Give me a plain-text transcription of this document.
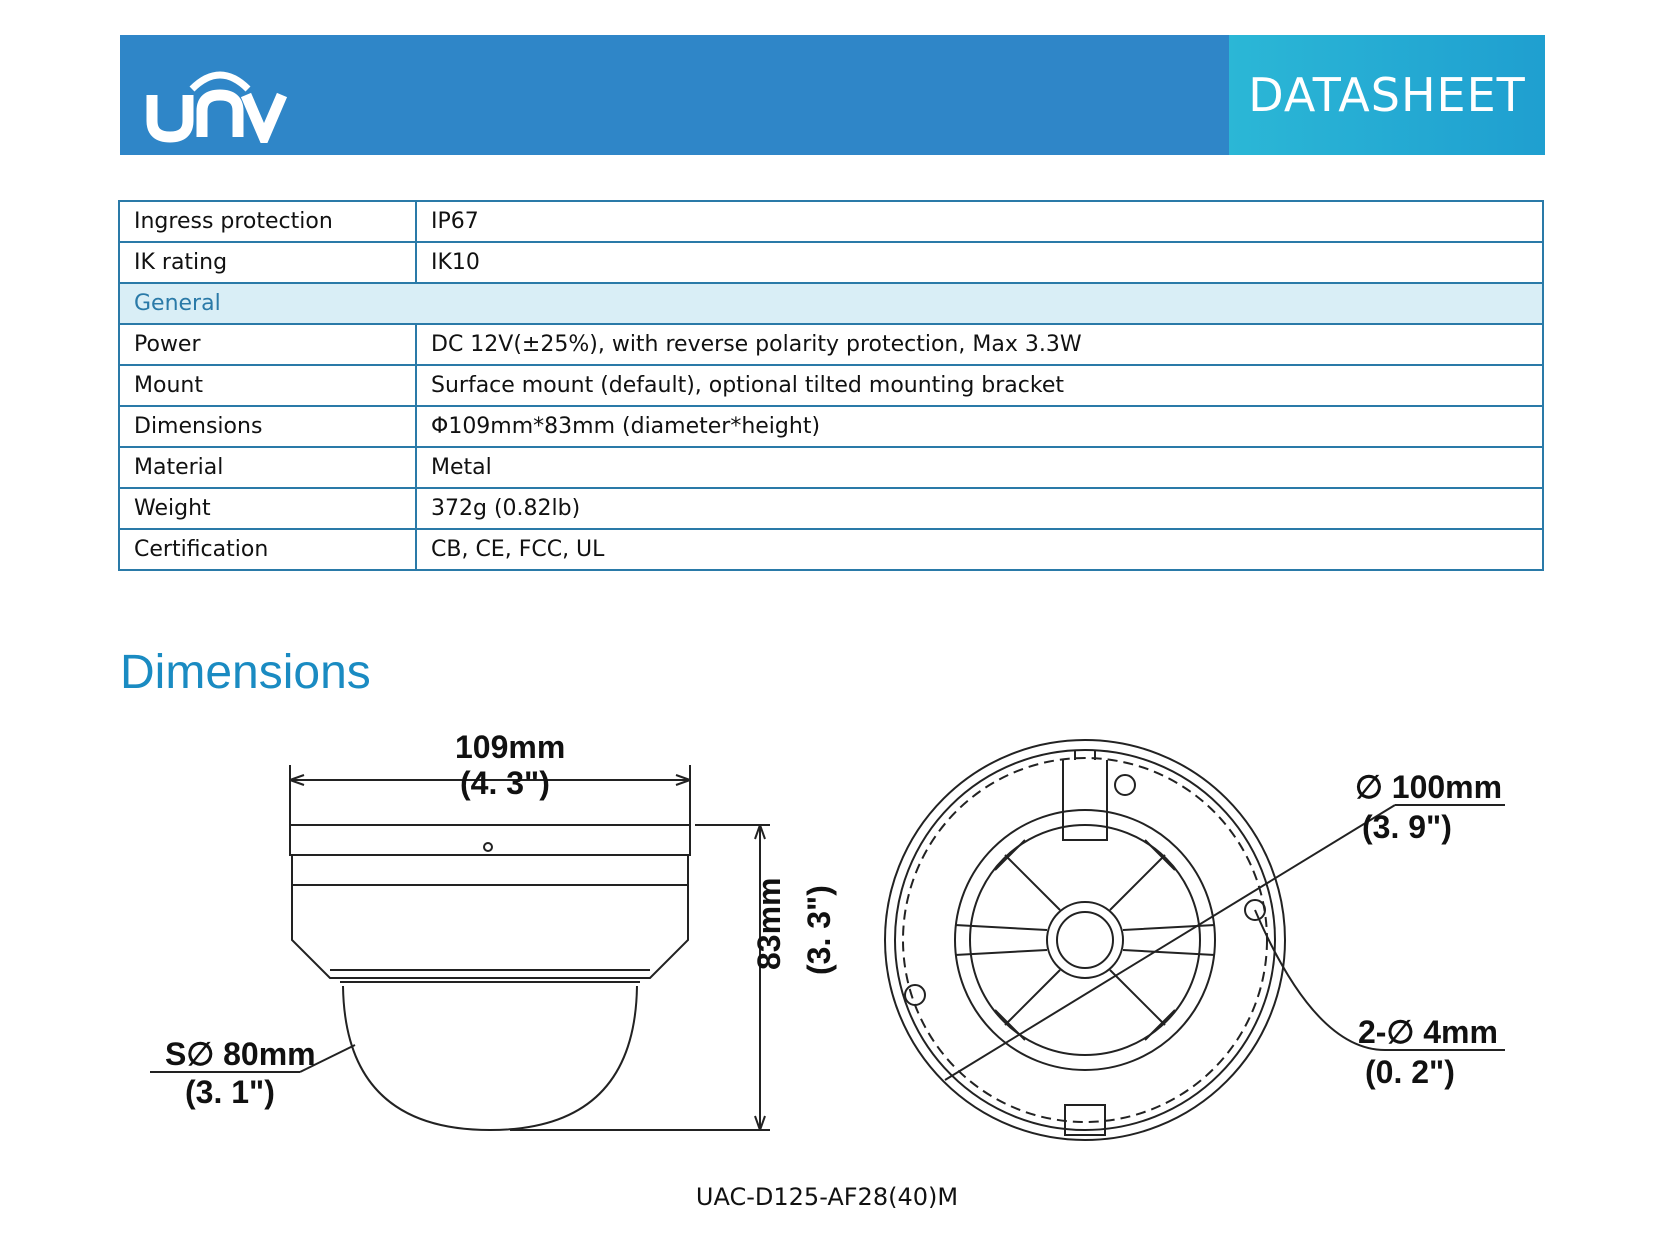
DATASHEET
Ingress protection	IP67
IK rating	IK10
General	
Power	DC 12V(±25%), with reverse polarity protection, Max 3.3W
Mount	Surface mount (default), optional tilted mounting bracket
Dimensions	Φ109mm*83mm (diameter*height)
Material	Metal
Weight	372g (0.82lb)
Certification	CB, CE, FCC, UL
Dimensions
109mm
(4. 3")
83mm (3. 3")
S∅ 80mm
(3. 1")
∅ 100mm
(3. 9")
2-∅ 4mm
(0. 2")
UAC-D125-AF28(40)M
